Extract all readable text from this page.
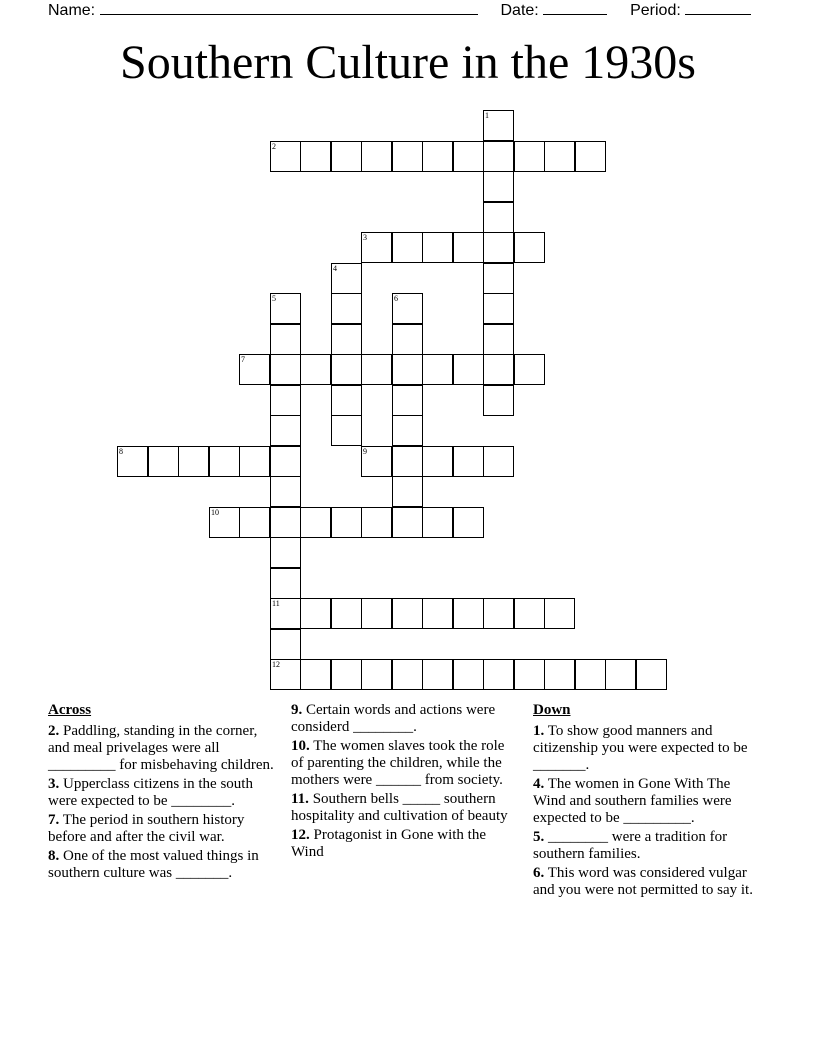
Name:	Date:	Period:
Southern Culture in the 1930s
1
2
3
4
5	6
7
8	9
10
11
12
Across
2. Paddling, standing in the corner, and meal privelages were all _________ for misbehaving children.
3. Upperclass citizens in the south were expected to be ________.
7. The period in southern history before and after the civil war.
8. One of the most valued things in southern culture was _______.
9. Certain words and actions were considerd ________.
10. The women slaves took the role of parenting the children, while the mothers were ______ from society.
11. Southern bells _____ southern hospitality and cultivation of beauty
12. Protagonist in Gone with the Wind
Down
1. To show good manners and citizenship you were expected to be _______.
4. The women in Gone With The Wind and southern families were expected to be _________.
5. ________ were a tradition for southern families.
6. This word was considered vulgar and you were not permitted to say it.
